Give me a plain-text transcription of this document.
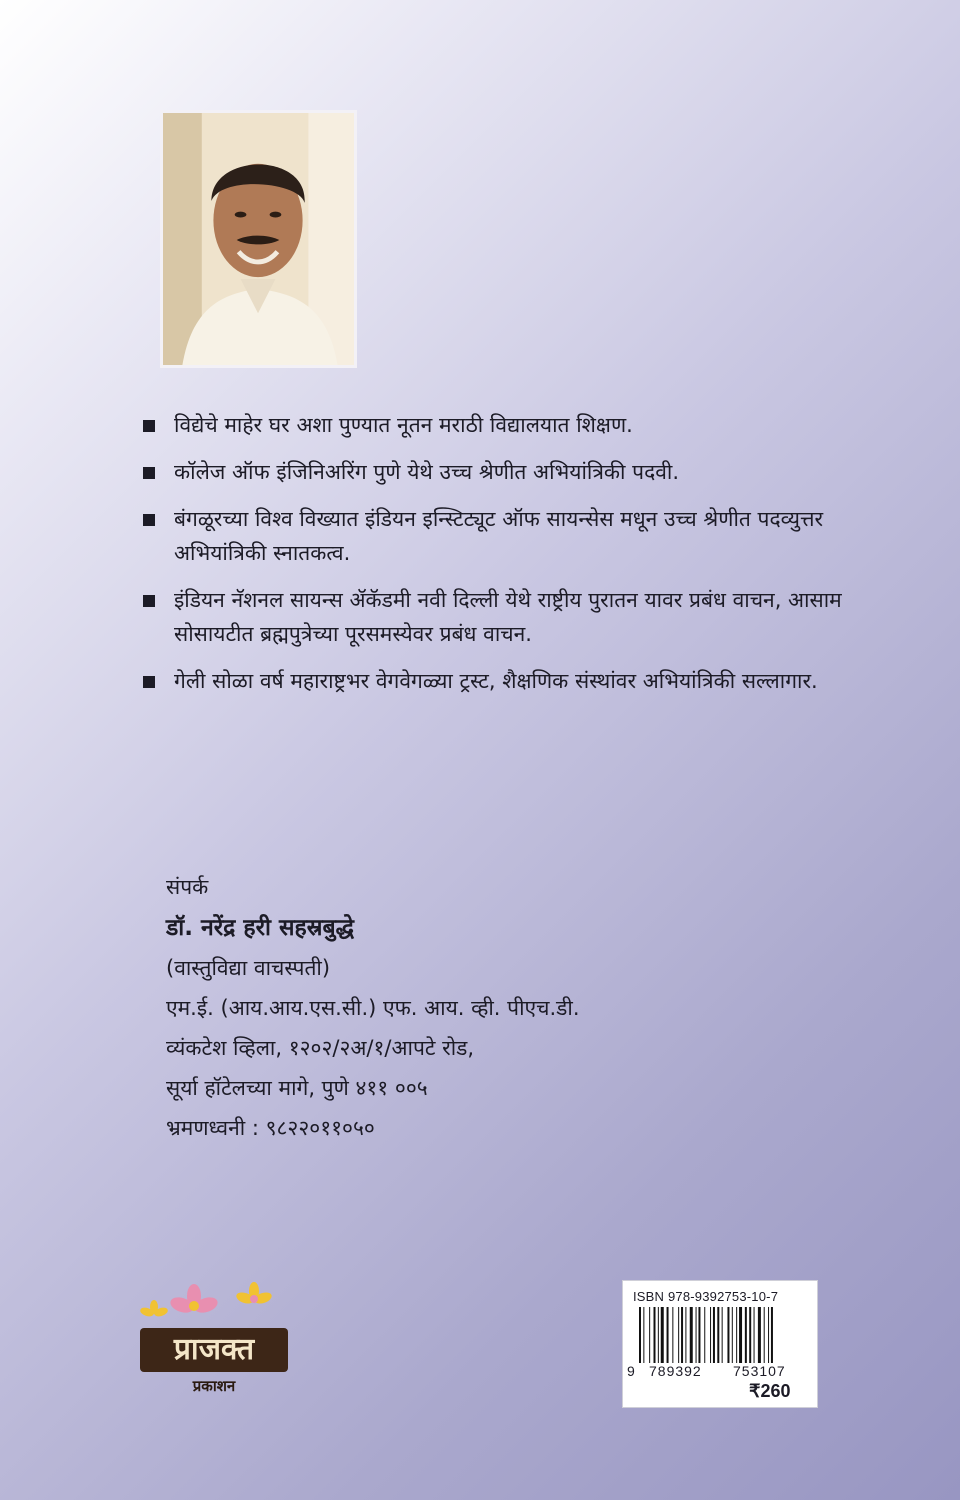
विद्येचे माहेर घर अशा पुण्यात नूतन मराठी विद्यालयात शिक्षण.
कॉलेज ऑफ इंजिनिअरिंग पुणे येथे उच्च श्रेणीत अभियांत्रिकी पदवी.
बंगळूरच्या विश्व विख्यात इंडियन इन्स्टिट्यूट ऑफ सायन्सेस मधून उच्च श्रेणीत पदव्युत्तर अभियांत्रिकी स्नातकत्व.
इंडियन नॅशनल सायन्स ॲकॅडमी नवी दिल्ली येथे राष्ट्रीय पुरातन यावर प्रबंध वाचन, आसाम सोसायटीत ब्रह्मपुत्रेच्या पूरसमस्येवर प्रबंध वाचन.
गेली सोळा वर्ष महाराष्ट्रभर वेगवेगळ्या ट्रस्ट, शैक्षणिक संस्थांवर अभियांत्रिकी सल्लागार.
संपर्क
डॉ. नरेंद्र हरी सहस्रबुद्धे
(वास्तुविद्या वाचस्पती)
एम.ई. (आय.आय.एस.सी.) एफ. आय. व्ही. पीएच.डी.
व्यंकटेश व्हिला, १२०२/२अ/१/आपटे रोड,
सूर्या हॉटेलच्या मागे, पुणे ४११ ००५
भ्रमणध्वनी : ९८२२०११०५०
प्राजक्त
प्रकाशन
ISBN 978-9392753-10-7
9 789392 753107
₹260
